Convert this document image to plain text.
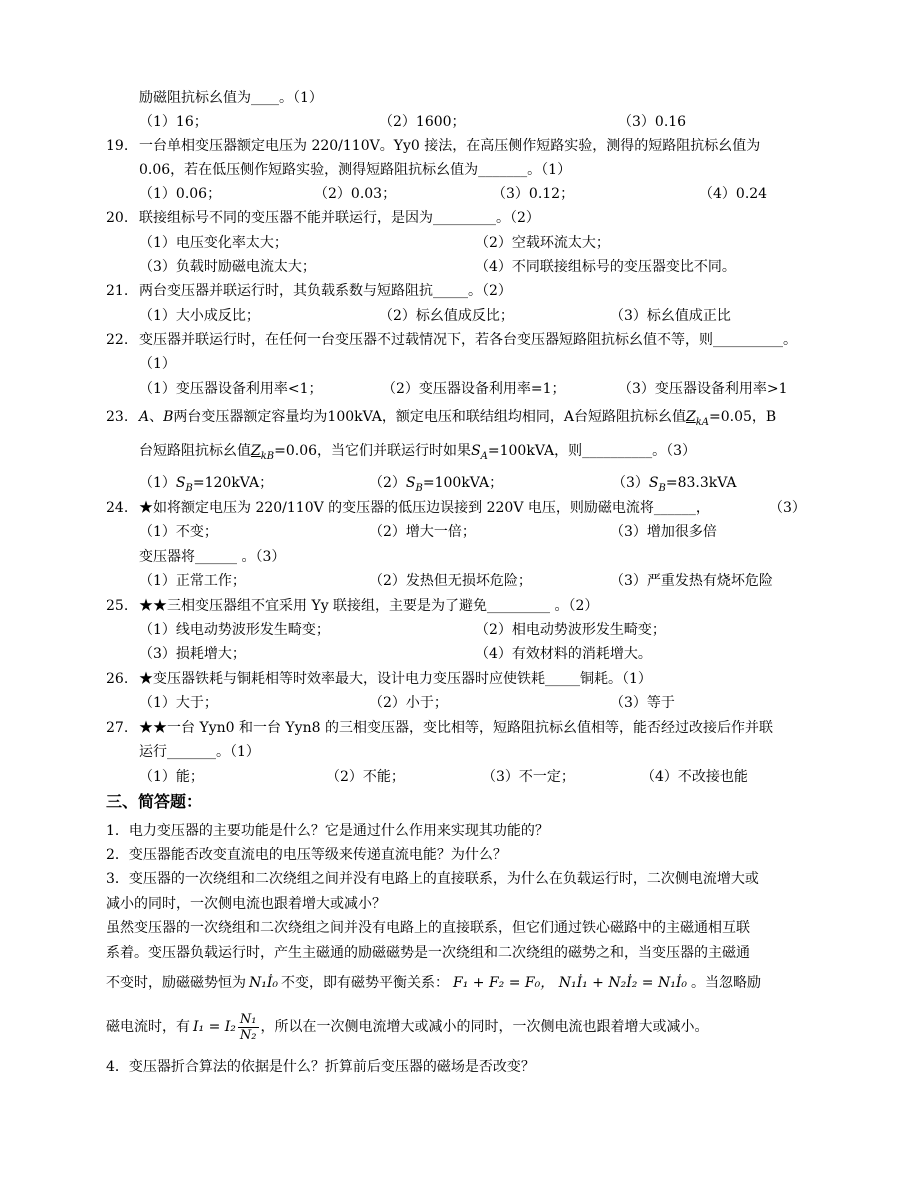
励磁阻抗标幺值为____。（1）
（1）16；	（2）1600；	（3）0.16
19. 一台单相变压器额定电压为 220/110V。Yy0 接法，在高压侧作短路实验，测得的短路阻抗标幺值为
0.06，若在低压侧作短路实验，测得短路阻抗标幺值为_______。（1）
（1）0.06；	（2）0.03；	（3）0.12；	（4）0.24
20. 联接组标号不同的变压器不能并联运行，是因为_________。（2）
（1）电压变化率太大；	（2）空载环流太大；
（3）负载时励磁电流太大；	（4）不同联接组标号的变压器变比不同。
21. 两台变压器并联运行时，其负载系数与短路阻抗_____。（2）
（1）大小成反比；	（2）标幺值成反比；	（3）标幺值成正比
22. 变压器并联运行时，在任何一台变压器不过载情况下，若各台变压器短路阻抗标幺值不等，则__________。
（1）
（1）变压器设备利用率<1；	（2）变压器设备利用率=1；	（3）变压器设备利用率>1
23. A、B两台变压器额定容量均为100kVA，额定电压和联结组均相同，A台短路阻抗标幺值$Z_{kA}=0.05$，B
台短路阻抗标幺值$Z_{kB}=0.06$，当它们并联运行时如果$S_A=100kVA$，则__________。（3）
$(1)S_B=120kVA$；	$(2)S_B=100kVA$；	$(3)S_B=83.3kVA$
24. ★如将额定电压为 220/110V 的变压器的低压边误接到 220V 电压，则励磁电流将______，	（3）
（1）不变；	（2）增大一倍；	（3）增加很多倍
变压器将______ 。（3）
（1）正常工作；	（2）发热但无损坏危险；	（3）严重发热有烧坏危险
25. ★★三相变压器组不宜采用 Yy 联接组，主要是为了避免_________ 。（2）
（1）线电动势波形发生畸变；	（2）相电动势波形发生畸变；
（3）损耗增大；	（4）有效材料的消耗增大。
26. ★变压器铁耗与铜耗相等时效率最大，设计电力变压器时应使铁耗_____铜耗。（1）
（1）大于；	（2）小于；	（3）等于
27. ★★一台 Yyn0 和一台 Yyn8 的三相变压器，变比相等，短路阻抗标幺值相等，能否经过改接后作并联
运行_______。（1）
（1）能；	（2）不能；	（3）不一定；	（4）不改接也能
三、简答题：
1．电力变压器的主要功能是什么？它是通过什么作用来实现其功能的？
2．变压器能否改变直流电的电压等级来传递直流电能？为什么？
3．变压器的一次绕组和二次绕组之间并没有电路上的直接联系，为什么在负载运行时，二次侧电流增大或
减小的同时，一次侧电流也跟着增大或减小？
虽然变压器的一次绕组和二次绕组之间并没有电路上的直接联系，但它们通过铁心磁路中的主磁通相互联
系着。变压器负载运行时，产生主磁通的励磁磁势是一次绕组和二次绕组的磁势之和，当变压器的主磁通
不变时，励磁磁势恒为 N₁İ₀ 不变，即有磁势平衡关系： F₁ + F₂ = F₀， N₁İ₁ + N₂İ₂ = N₁İ₀ 。当忽略励
磁电流时，有 $I_1 = I_2 \frac{\text{N₁}}{\text{N₂}}$ ，所以在一次侧电流增大或减小的同时，一次侧电流也跟着增大或减小。
4．变压器折合算法的依据是什么？折算前后变压器的磁场是否改变？
